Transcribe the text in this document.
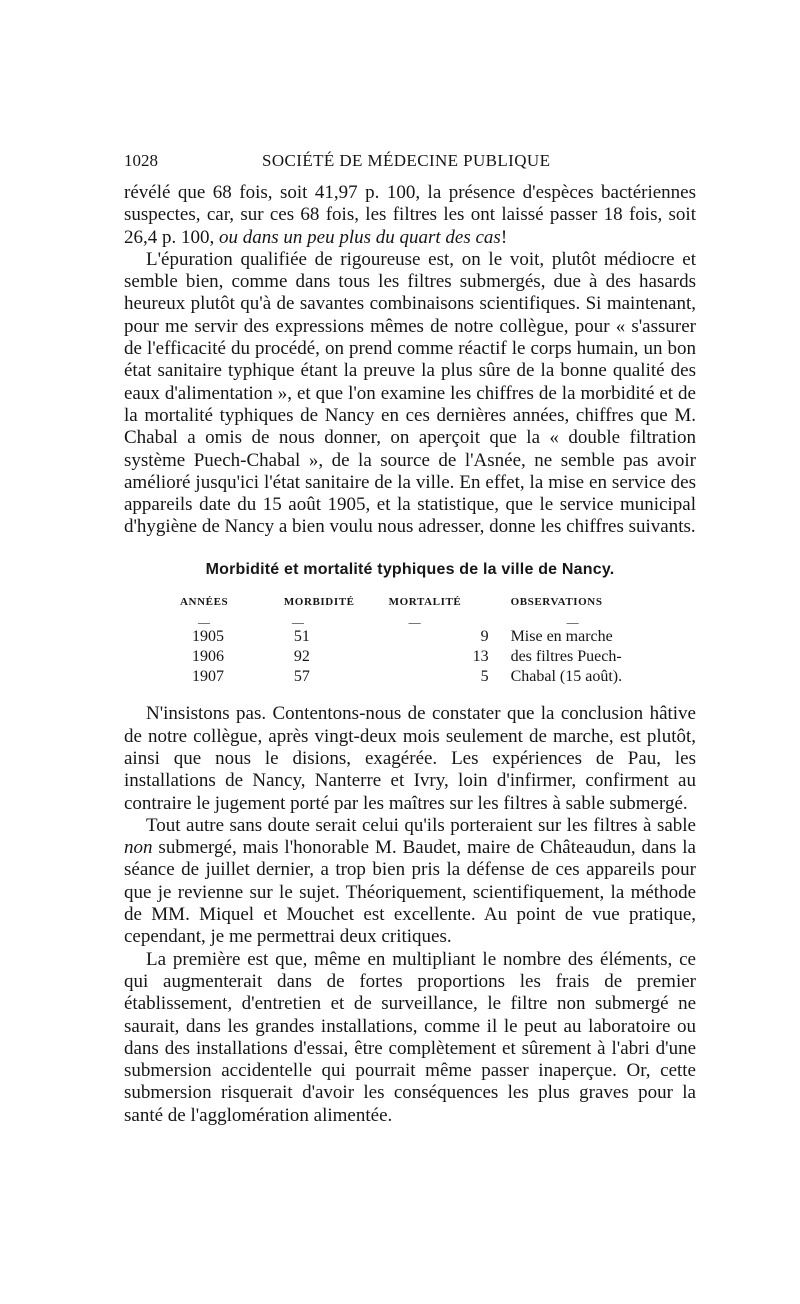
1028	SOCIÉTÉ DE MÉDECINE PUBLIQUE

révélé que 68 fois, soit 41,97 p. 100, la présence d'espèces bactériennes suspectes, car, sur ces 68 fois, les filtres les ont laissé passer 18 fois, soit 26,4 p. 100, ou dans un peu plus du quart des cas!

L'épuration qualifiée de rigoureuse est, on le voit, plutôt médiocre et semble bien, comme dans tous les filtres submergés, due à des hasards heureux plutôt qu'à de savantes combinaisons scientifiques. Si maintenant, pour me servir des expressions mêmes de notre collègue, pour « s'assurer de l'efficacité du procédé, on prend comme réactif le corps humain, un bon état sanitaire typhique étant la preuve la plus sûre de la bonne qualité des eaux d'alimentation », et que l'on examine les chiffres de la morbidité et de la mortalité typhiques de Nancy en ces dernières années, chiffres que M. Chabal a omis de nous donner, on aperçoit que la « double filtration système Puech-Chabal », de la source de l'Asnée, ne semble pas avoir amélioré jusqu'ici l'état sanitaire de la ville. En effet, la mise en service des appareils date du 15 août 1905, et la statistique, que le service municipal d'hygiène de Nancy a bien voulu nous adresser, donne les chiffres suivants.

Morbidité et mortalité typhiques de la ville de Nancy.
ANNÉES	MORBIDITÉ	MORTALITÉ	OBSERVATIONS
—	—	—	—
1905	51	9	Mise en marche
1906	92	13	des filtres Puech-
1907	57	5	Chabal (15 août).

N'insistons pas. Contentons-nous de constater que la conclusion hâtive de notre collègue, après vingt-deux mois seulement de marche, est plutôt, ainsi que nous le disions, exagérée. Les expériences de Pau, les installations de Nancy, Nanterre et Ivry, loin d'infirmer, confirment au contraire le jugement porté par les maîtres sur les filtres à sable submergé.

Tout autre sans doute serait celui qu'ils porteraient sur les filtres à sable non submergé, mais l'honorable M. Baudet, maire de Châteaudun, dans la séance de juillet dernier, a trop bien pris la défense de ces appareils pour que je revienne sur le sujet. Théoriquement, scientifiquement, la méthode de MM. Miquel et Mouchet est excellente. Au point de vue pratique, cependant, je me permettrai deux critiques.

La première est que, même en multipliant le nombre des éléments, ce qui augmenterait dans de fortes proportions les frais de premier établissement, d'entretien et de surveillance, le filtre non submergé ne saurait, dans les grandes installations, comme il le peut au laboratoire ou dans des installations d'essai, être complètement et sûrement à l'abri d'une submersion accidentelle qui pourrait même passer inaperçue. Or, cette submersion risquerait d'avoir les conséquences les plus graves pour la santé de l'agglomération alimentée.
